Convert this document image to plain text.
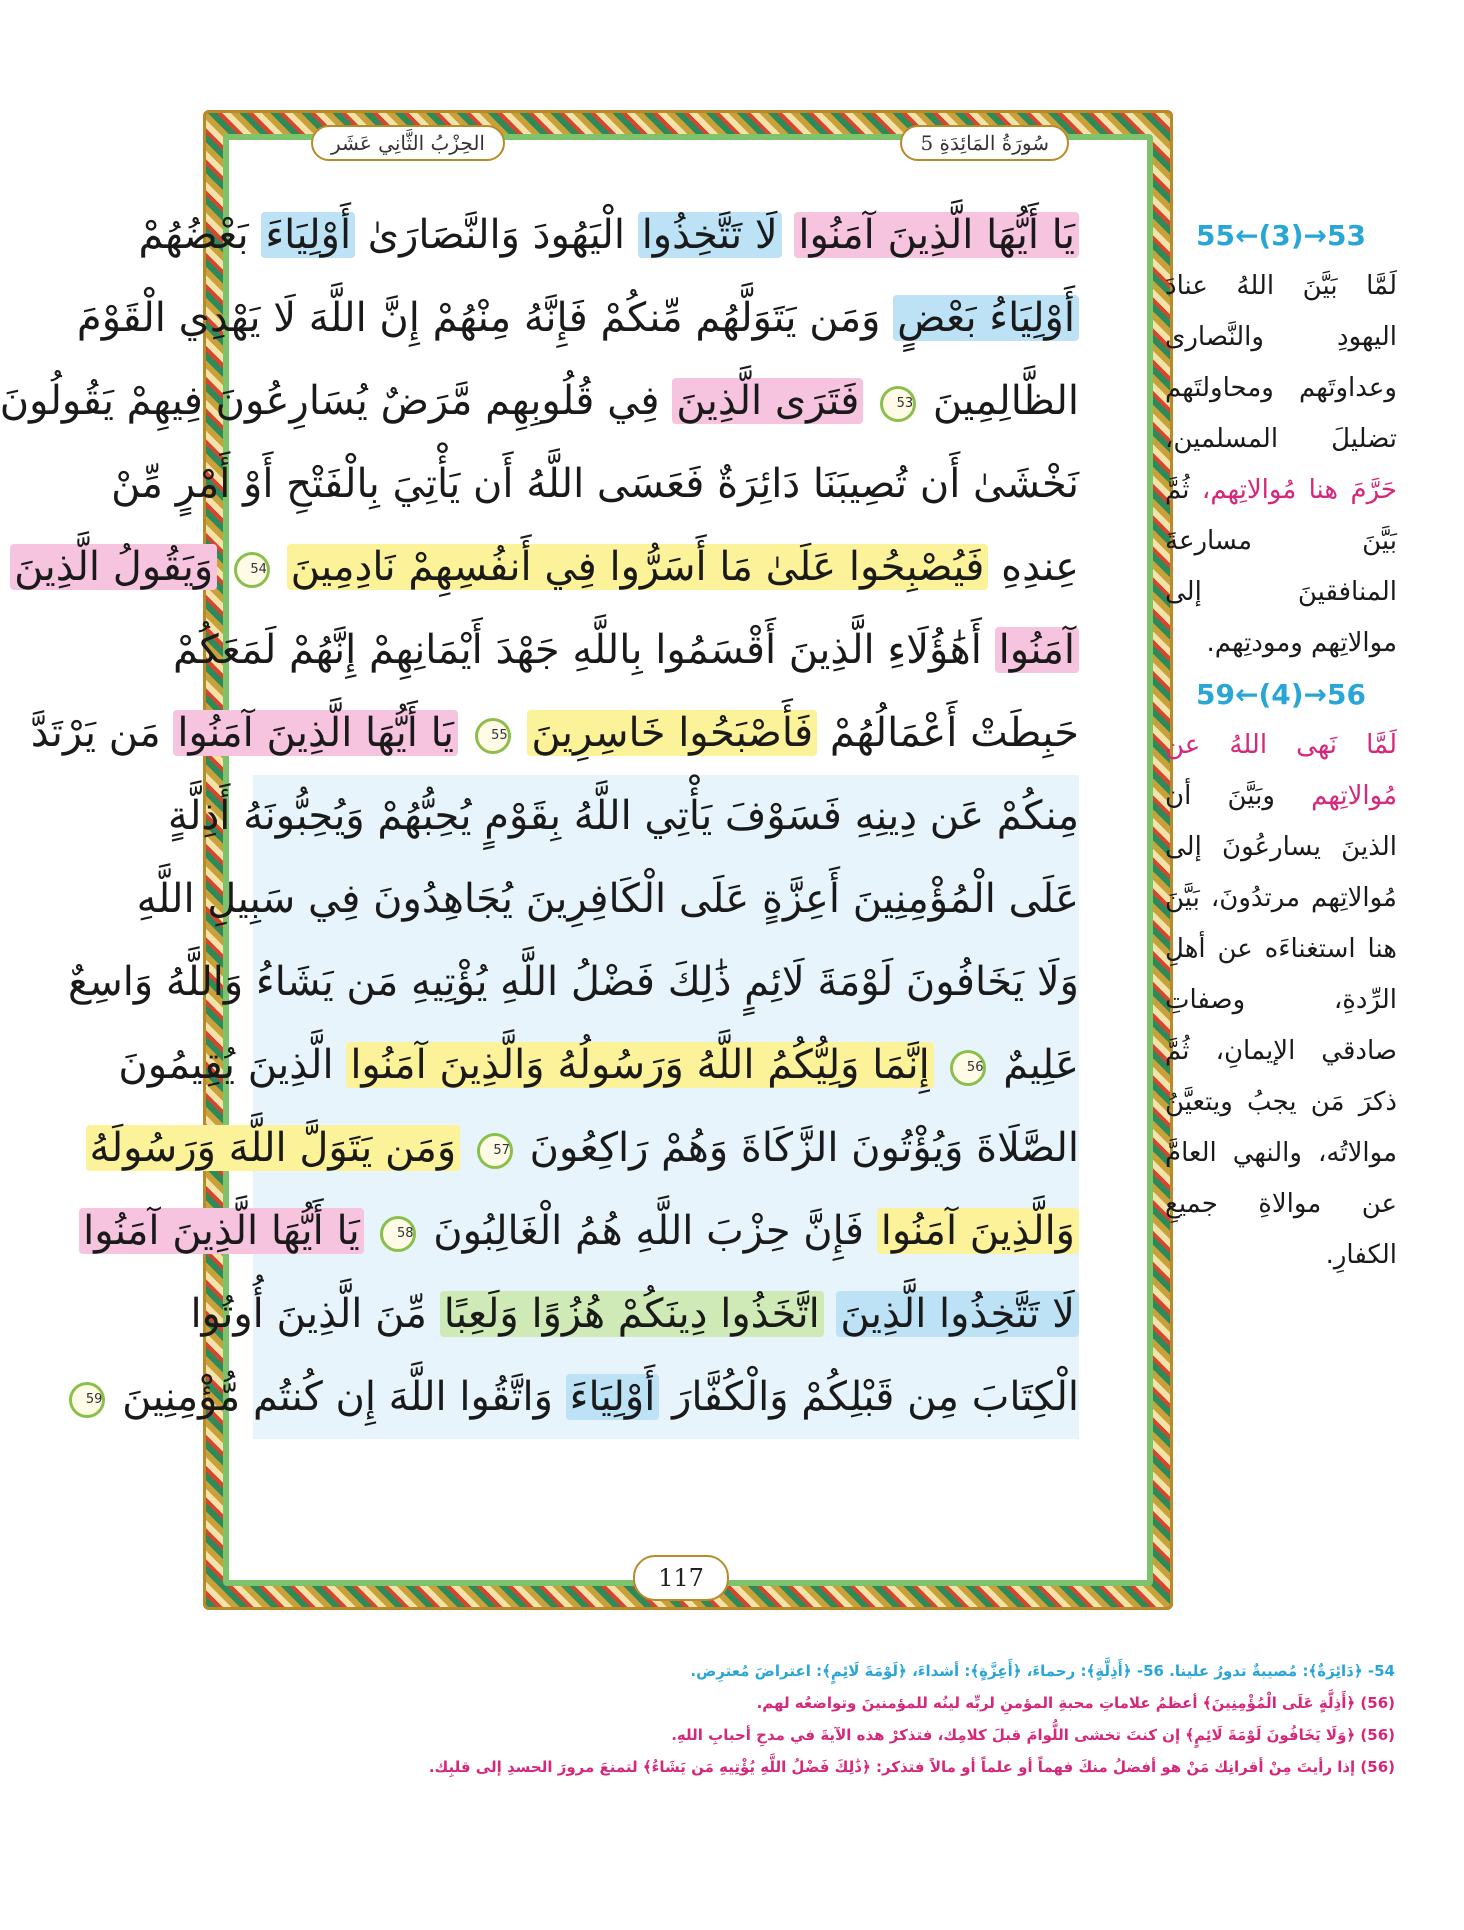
سُورَةُ المَائِدَةِ 5
الحِزْبُ الثَّانِي عَشَر
يَا أَيُّهَا الَّذِينَ آمَنُوا لَا تَتَّخِذُوا الْيَهُودَ وَالنَّصَارَىٰ أَوْلِيَاءَ بَعْضُهُمْ
أَوْلِيَاءُ بَعْضٍ وَمَن يَتَوَلَّهُم مِّنكُمْ فَإِنَّهُ مِنْهُمْ إِنَّ اللَّهَ لَا يَهْدِي الْقَوْمَ
الظَّالِمِينَ 53 فَتَرَى الَّذِينَ فِي قُلُوبِهِم مَّرَضٌ يُسَارِعُونَ فِيهِمْ يَقُولُونَ
نَخْشَىٰ أَن تُصِيبَنَا دَائِرَةٌ فَعَسَى اللَّهُ أَن يَأْتِيَ بِالْفَتْحِ أَوْ أَمْرٍ مِّنْ
عِندِهِ فَيُصْبِحُوا عَلَىٰ مَا أَسَرُّوا فِي أَنفُسِهِمْ نَادِمِينَ 54 وَيَقُولُ الَّذِينَ
آمَنُوا أَهَٰؤُلَاءِ الَّذِينَ أَقْسَمُوا بِاللَّهِ جَهْدَ أَيْمَانِهِمْ إِنَّهُمْ لَمَعَكُمْ
حَبِطَتْ أَعْمَالُهُمْ فَأَصْبَحُوا خَاسِرِينَ 55 يَا أَيُّهَا الَّذِينَ آمَنُوا مَن يَرْتَدَّ
مِنكُمْ عَن دِينِهِ فَسَوْفَ يَأْتِي اللَّهُ بِقَوْمٍ يُحِبُّهُمْ وَيُحِبُّونَهُ أَذِلَّةٍ
عَلَى الْمُؤْمِنِينَ أَعِزَّةٍ عَلَى الْكَافِرِينَ يُجَاهِدُونَ فِي سَبِيلِ اللَّهِ
وَلَا يَخَافُونَ لَوْمَةَ لَائِمٍ ذَٰلِكَ فَضْلُ اللَّهِ يُؤْتِيهِ مَن يَشَاءُ وَاللَّهُ وَاسِعٌ
عَلِيمٌ 56 إِنَّمَا وَلِيُّكُمُ اللَّهُ وَرَسُولُهُ وَالَّذِينَ آمَنُوا الَّذِينَ يُقِيمُونَ
الصَّلَاةَ وَيُؤْتُونَ الزَّكَاةَ وَهُمْ رَاكِعُونَ 57 وَمَن يَتَوَلَّ اللَّهَ وَرَسُولَهُ
وَالَّذِينَ آمَنُوا فَإِنَّ حِزْبَ اللَّهِ هُمُ الْغَالِبُونَ 58 يَا أَيُّهَا الَّذِينَ آمَنُوا
لَا تَتَّخِذُوا الَّذِينَ اتَّخَذُوا دِينَكُمْ هُزُوًا وَلَعِبًا مِّنَ الَّذِينَ أُوتُوا
الْكِتَابَ مِن قَبْلِكُمْ وَالْكُفَّارَ أَوْلِيَاءَ وَاتَّقُوا اللَّهَ إِن كُنتُم مُّؤْمِنِينَ 59
117
55←(3)→53
لَمَّا بَيَّنَ اللهُ عنادَ اليهودِ والنَّصارى وعداوتَهم ومحاولتَهم تضليلَ المسلمين، حَرَّمَ هنا مُوالاتِهم، ثُمَّ بَيَّنَ مسارعةَ المنافقينَ إلى موالاتِهم ومودتِهم.
59←(4)→56
لَمَّا نَهى اللهُ عن مُوالاتِهم وبَيَّنَ أن الذينَ يسارعُونَ إلى مُوالاتِهم مرتدُونَ، بَيَّنَ هنا استغناءَه عن أهلِ الرِّدةِ، وصفاتِ صادقي الإيمانِ، ثُمَّ ذكرَ مَن يجبُ ويتعيَّنُ موالاتُه، والنهي العامَّ عن موالاةِ جميعِ الكفارِ.
54- ﴿دَائِرَةٌ﴾: مُصيبةٌ تدورُ علينا. 56- ﴿أَذِلَّةٍ﴾: رحماءَ، ﴿أَعِزَّةٍ﴾: أشداءَ، ﴿لَوْمَةَ لَائِمٍ﴾: اعتراضَ مُعترِض.
(56) ﴿أَذِلَّةٍ عَلَى الْمُؤْمِنِينَ﴾ أعظمُ علاماتِ محبةِ المؤمنِ لربِّه لينُه للمؤمنينَ وتواضعُه لهم.
(56) ﴿وَلَا يَخَافُونَ لَوْمَةَ لَائِمٍ﴾ إن كنتَ تخشى اللُّوامَ قبلَ كلامِك، فتذكرْ هذه الآيةَ في مدحِ أحبابِ اللهِ.
(56) إذا رأيتَ مِنْ أقرانِك مَنْ هو أفضلُ منكَ فهماً أو علماً أو مالاً فتذكر: ﴿ذَٰلِكَ فَضْلُ اللَّهِ يُؤْتِيهِ مَن يَشَاءُ﴾ لتمنعَ مرورَ الحسدِ إلى قلبِك.
